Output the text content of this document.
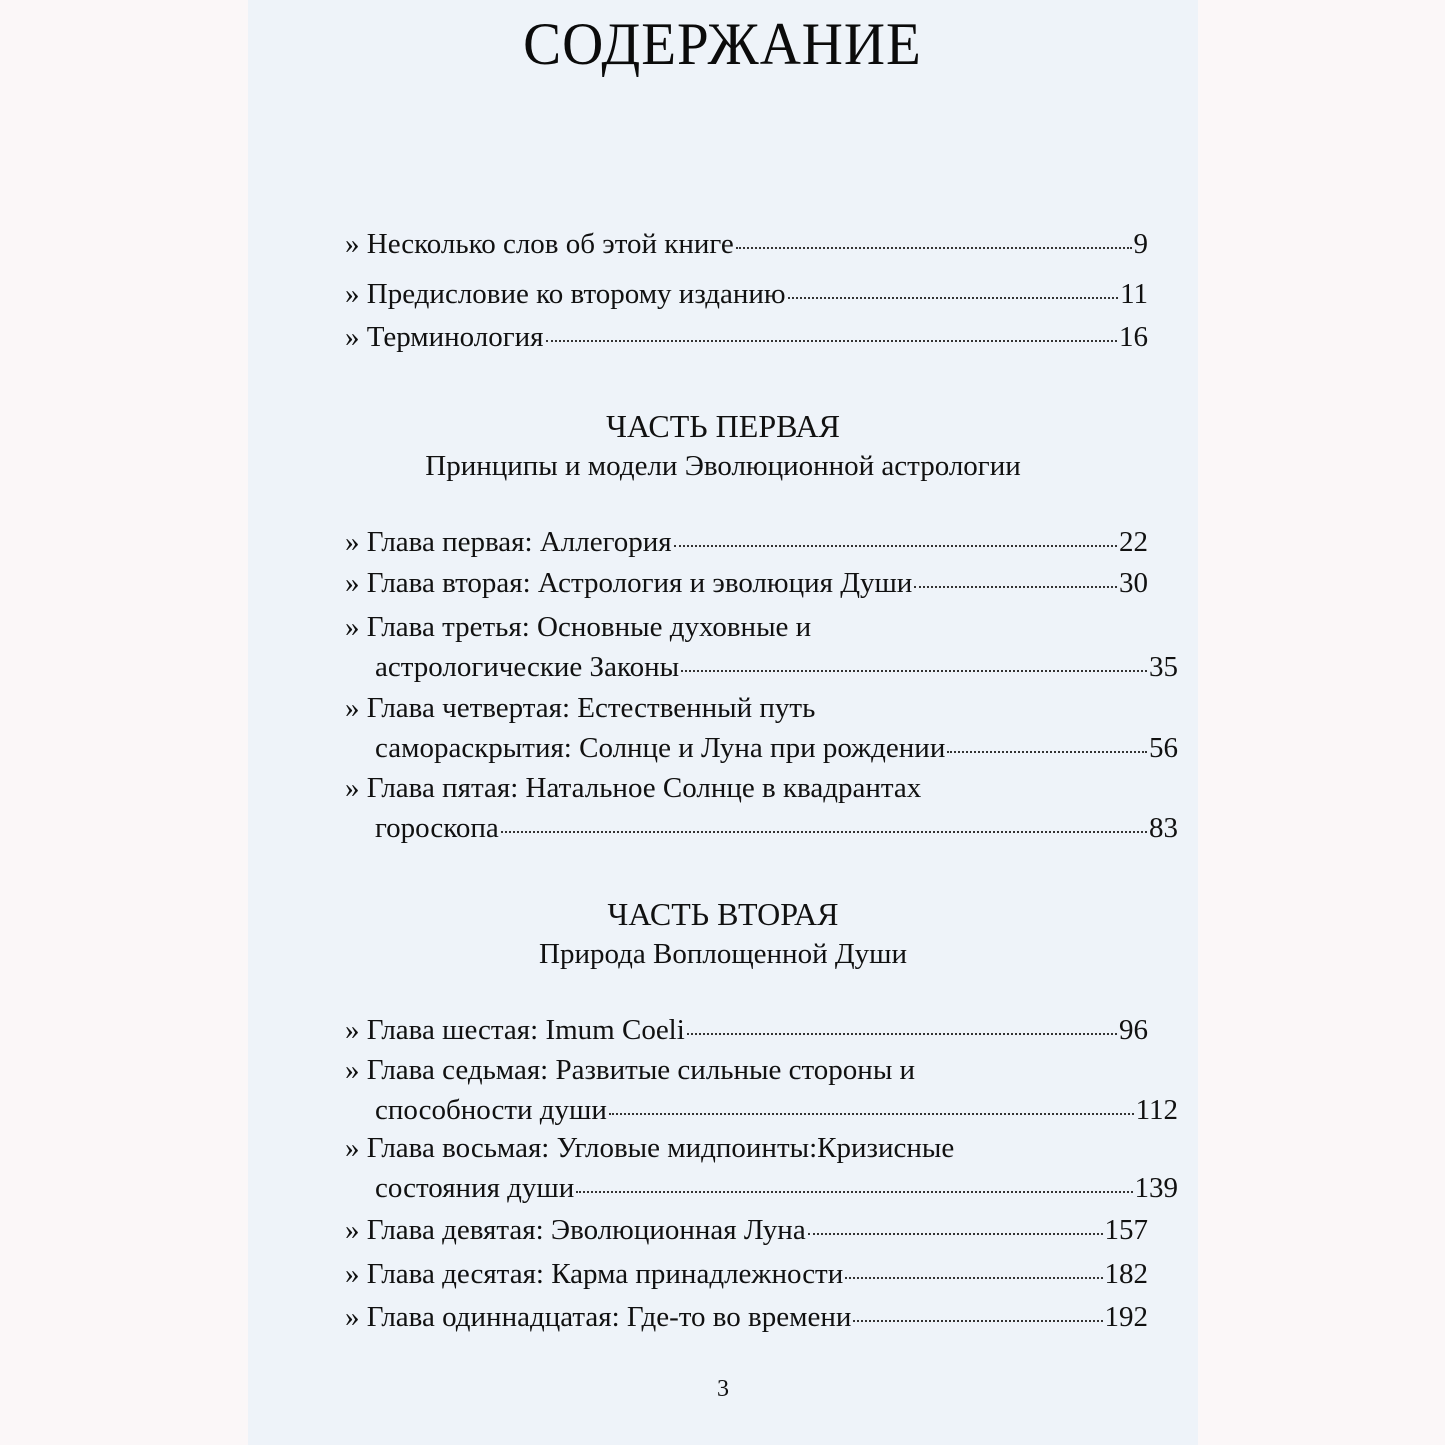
СОДЕРЖАНИЕ
» Несколько слов об этой книге	9
» Предисловие ко второму изданию	11
» Терминология	16
» Глава первая: Аллегория	22
» Глава вторая: Астрология и эволюция Души	30
» Глава третья: Основные духовные и
астрологические Законы	35
» Глава четвертая: Естественный путь
самораскрытия: Солнце и Луна при рождении	56
» Глава пятая: Натальное Солнце в квадрантах
гороскопа	83
» Глава шестая: Imum Coeli	96
» Глава седьмая: Развитые сильные стороны и
способности души	112
» Глава восьмая: Угловые мидпоинты:Кризисные
состояния души	139
» Глава девятая: Эволюционная Луна	157
» Глава десятая: Карма принадлежности	182
» Глава одиннадцатая: Где-то во времени	192
ЧАСТЬ ПЕРВАЯ
Принципы и модели Эволюционной астрологии
ЧАСТЬ ВТОРАЯ
Природа Воплощенной Души
3
